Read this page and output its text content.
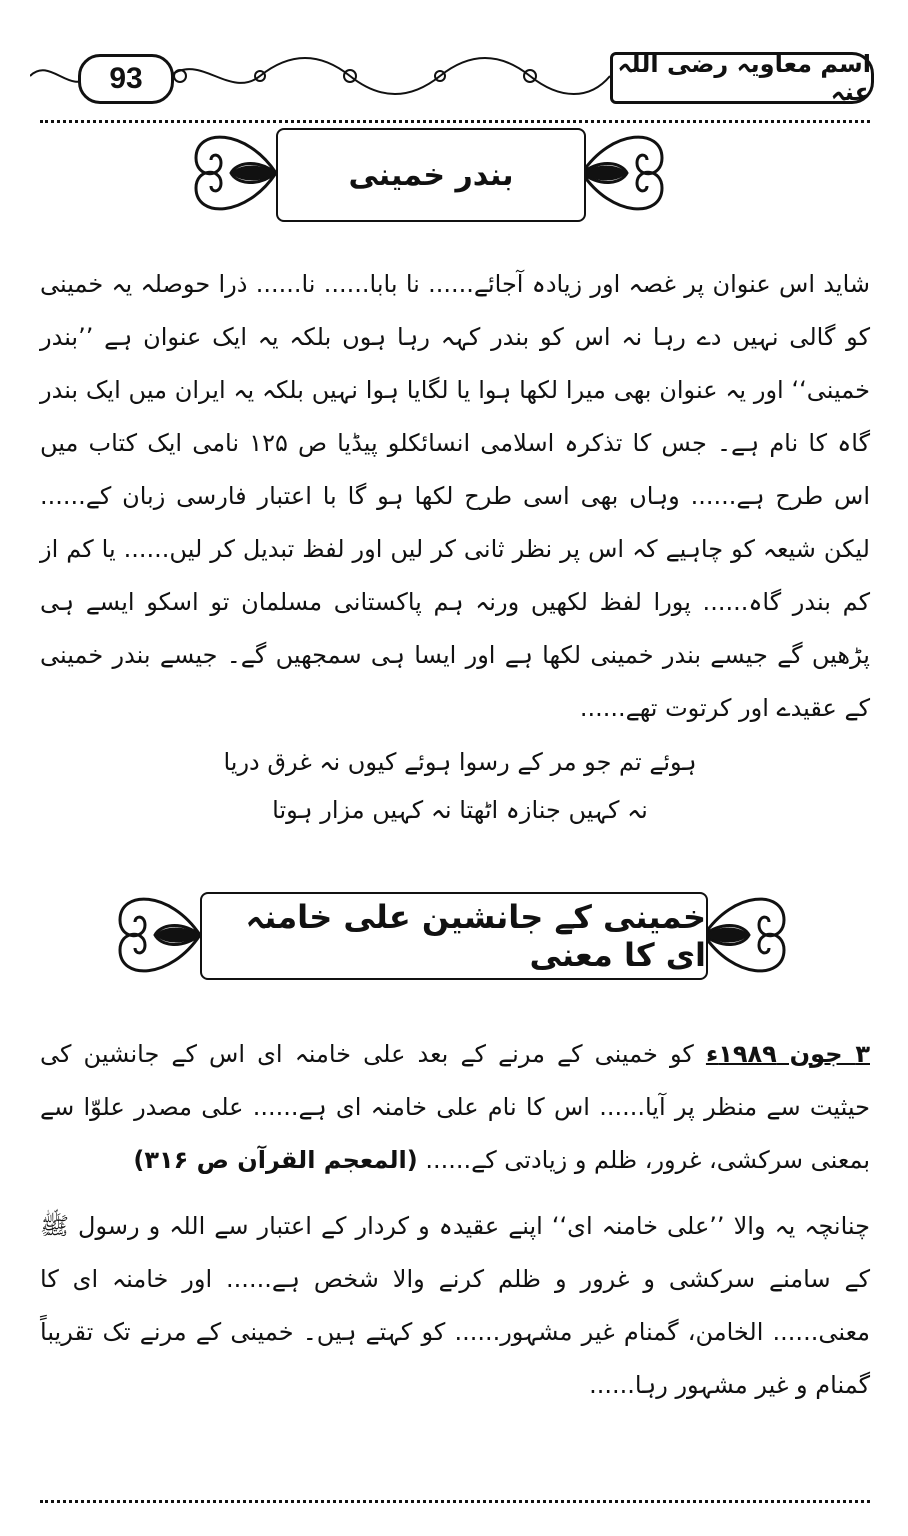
93	اسم معاویہ رضی اللہ عنہ
بندر خمینی
شاید اس عنوان پر غصہ اور زیادہ آجائے...... نا بابا...... نا...... ذرا حوصلہ یہ خمینی کو گالی نہیں دے رہا نہ اس کو بندر کہہ رہا ہوں بلکہ یہ ایک عنوان ہے ’’بندر خمینی‘‘ اور یہ عنوان بھی میرا لکھا ہوا یا لگایا ہوا نہیں بلکہ یہ ایران میں ایک بندر گاہ کا نام ہے۔ جس کا تذکرہ اسلامی انسائکلو پیڈیا ص ۱۲۵ نامی ایک کتاب میں اس طرح ہے...... وہاں بھی اسی طرح لکھا ہو گا با اعتبار فارسی زبان کے...... لیکن شیعہ کو چاہیے کہ اس پر نظر ثانی کر لیں اور لفظ تبدیل کر لیں...... یا کم از کم بندر گاہ...... پورا لفظ لکھیں ورنہ ہم پاکستانی مسلمان تو اسکو ایسے ہی پڑھیں گے جیسے بندر خمینی لکھا ہے اور ایسا ہی سمجھیں گے۔ جیسے بندر خمینی کے عقیدے اور کرتوت تھے......
ہوئے تم جو مر کے رسوا ہوئے کیوں نہ غرق دریا
نہ کہیں جنازہ اٹھتا نہ کہیں مزار ہوتا
خمینی کے جانشین علی خامنہ ای کا معنی
۳ جون ۱۹۸۹ء کو خمینی کے مرنے کے بعد علی خامنہ ای اس کے جانشین کی حیثیت سے منظر پر آیا...... اس کا نام علی خامنہ ای ہے...... علی مصدر علوّا سے بمعنی سرکشی، غرور، ظلم و زیادتی کے...... (المعجم القرآن ص ۳۱۶)
چنانچہ یہ والا ’’علی خامنہ ای‘‘ اپنے عقیدہ و کردار کے اعتبار سے اللہ و رسول ﷺ کے سامنے سرکشی و غرور و ظلم کرنے والا شخص ہے...... اور خامنہ ای کا معنی...... الخامن، گمنام غیر مشہور...... کو کہتے ہیں۔ خمینی کے مرنے تک تقریباً گمنام و غیر مشہور رہا......
